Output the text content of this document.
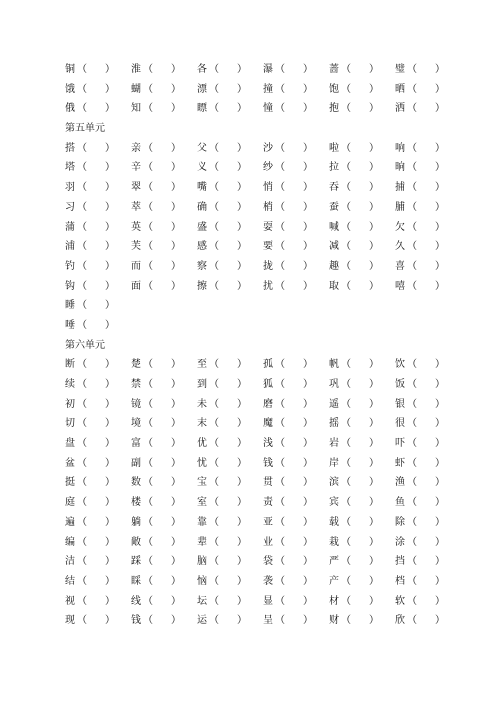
铜 （ ） 淮 （ ） 各 （ ） 瀑 （ ） 蔷 （ ） 璧 （ ）
饿 （ ） 蝴 （ ） 漂 （ ） 撞 （ ） 饱 （ ） 晒 （ ）
俄 （ ） 知 （ ） 瞟 （ ） 憧 （ ） 抱 （ ） 洒 （ ）
第五单元
搭 （ ） 亲 （ ） 父 （ ） 沙 （ ） 啦 （ ） 响 （ ）
塔 （ ） 辛 （ ） 义 （ ） 纱 （ ） 拉 （ ） 晌 （ ）
羽 （ ） 翠 （ ） 嘴 （ ） 悄 （ ） 吞 （ ） 捕 （ ）
习 （ ） 萃 （ ） 确 （ ） 梢 （ ） 蚕 （ ） 脯 （ ）
蒲 （ ） 英 （ ） 盛 （ ） 耍 （ ） 喊 （ ） 欠 （ ）
浦 （ ） 芙 （ ） 感 （ ） 要 （ ） 减 （ ） 久 （ ）
钓 （ ） 而 （ ） 察 （ ） 拢 （ ） 趣 （ ） 喜 （ ）
钩 （ ） 面 （ ） 擦 （ ） 扰 （ ） 取 （ ） 嘻 （ ）
睡 （ ）
唾 （ ）
第六单元
断 （ ） 楚 （ ） 至 （ ） 孤 （ ） 帆 （ ） 饮 （ ）
续 （ ） 禁 （ ） 到 （ ） 狐 （ ） 巩 （ ） 饭 （ ）
初 （ ） 镜 （ ） 未 （ ） 磨 （ ） 遥 （ ） 银 （ ）
切 （ ） 境 （ ） 末 （ ） 魔 （ ） 摇 （ ） 很 （ ）
盘 （ ） 富 （ ） 优 （ ） 浅 （ ） 岩 （ ） 吓 （ ）
盆 （ ） 副 （ ） 忧 （ ） 钱 （ ） 岸 （ ） 虾 （ ）
挺 （ ） 数 （ ） 宝 （ ） 贯 （ ） 滨 （ ） 渔 （ ）
庭 （ ） 楼 （ ） 室 （ ） 责 （ ） 宾 （ ） 鱼 （ ）
遍 （ ） 躺 （ ） 靠 （ ） 亚 （ ） 载 （ ） 除 （ ）
编 （ ） 敞 （ ） 辈 （ ） 业 （ ） 栽 （ ） 涂 （ ）
洁 （ ） 踩 （ ） 脑 （ ） 袋 （ ） 严 （ ） 挡 （ ）
结 （ ） 睬 （ ） 恼 （ ） 袭 （ ） 产 （ ） 档 （ ）
视 （ ） 线 （ ） 坛 （ ） 显 （ ） 材 （ ） 软 （ ）
现 （ ） 钱 （ ） 运 （ ） 呈 （ ） 财 （ ） 欣 （ ）
